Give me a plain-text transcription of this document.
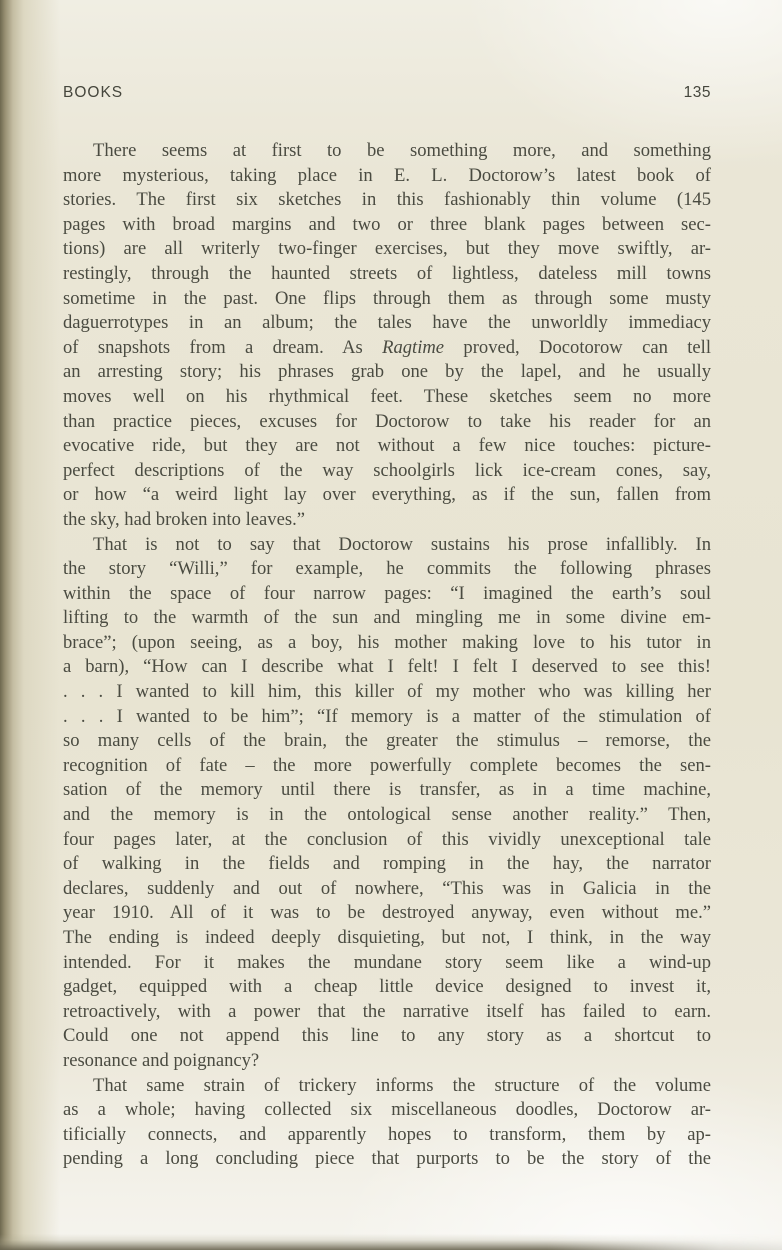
BOOKS	135
There seems at first to be something more, and something
more mysterious, taking place in E. L. Doctorow’s latest book of
stories. The first six sketches in this fashionably thin volume (145
pages with broad margins and two or three blank pages between sec-
tions) are all writerly two-finger exercises, but they move swiftly, ar-
restingly, through the haunted streets of lightless, dateless mill towns
sometime in the past. One flips through them as through some musty
daguerrotypes in an album; the tales have the unworldly immediacy
of snapshots from a dream. As Ragtime proved, Docotorow can tell
an arresting story; his phrases grab one by the lapel, and he usually
moves well on his rhythmical feet. These sketches seem no more
than practice pieces, excuses for Doctorow to take his reader for an
evocative ride, but they are not without a few nice touches: picture-
perfect descriptions of the way schoolgirls lick ice-cream cones, say,
or how “a weird light lay over everything, as if the sun, fallen from
the sky, had broken into leaves.”
That is not to say that Doctorow sustains his prose infallibly. In
the story “Willi,” for example, he commits the following phrases
within the space of four narrow pages: “I imagined the earth’s soul
lifting to the warmth of the sun and mingling me in some divine em-
brace”; (upon seeing, as a boy, his mother making love to his tutor in
a barn), “How can I describe what I felt! I felt I deserved to see this!
. . . I wanted to kill him, this killer of my mother who was killing her
. . . I wanted to be him”; “If memory is a matter of the stimulation of
so many cells of the brain, the greater the stimulus – remorse, the
recognition of fate – the more powerfully complete becomes the sen-
sation of the memory until there is transfer, as in a time machine,
and the memory is in the ontological sense another reality.” Then,
four pages later, at the conclusion of this vividly unexceptional tale
of walking in the fields and romping in the hay, the narrator
declares, suddenly and out of nowhere, “This was in Galicia in the
year 1910. All of it was to be destroyed anyway, even without me.”
The ending is indeed deeply disquieting, but not, I think, in the way
intended. For it makes the mundane story seem like a wind-up
gadget, equipped with a cheap little device designed to invest it,
retroactively, with a power that the narrative itself has failed to earn.
Could one not append this line to any story as a shortcut to
resonance and poignancy?
That same strain of trickery informs the structure of the volume
as a whole; having collected six miscellaneous doodles, Doctorow ar-
tificially connects, and apparently hopes to transform, them by ap-
pending a long concluding piece that purports to be the story of the
